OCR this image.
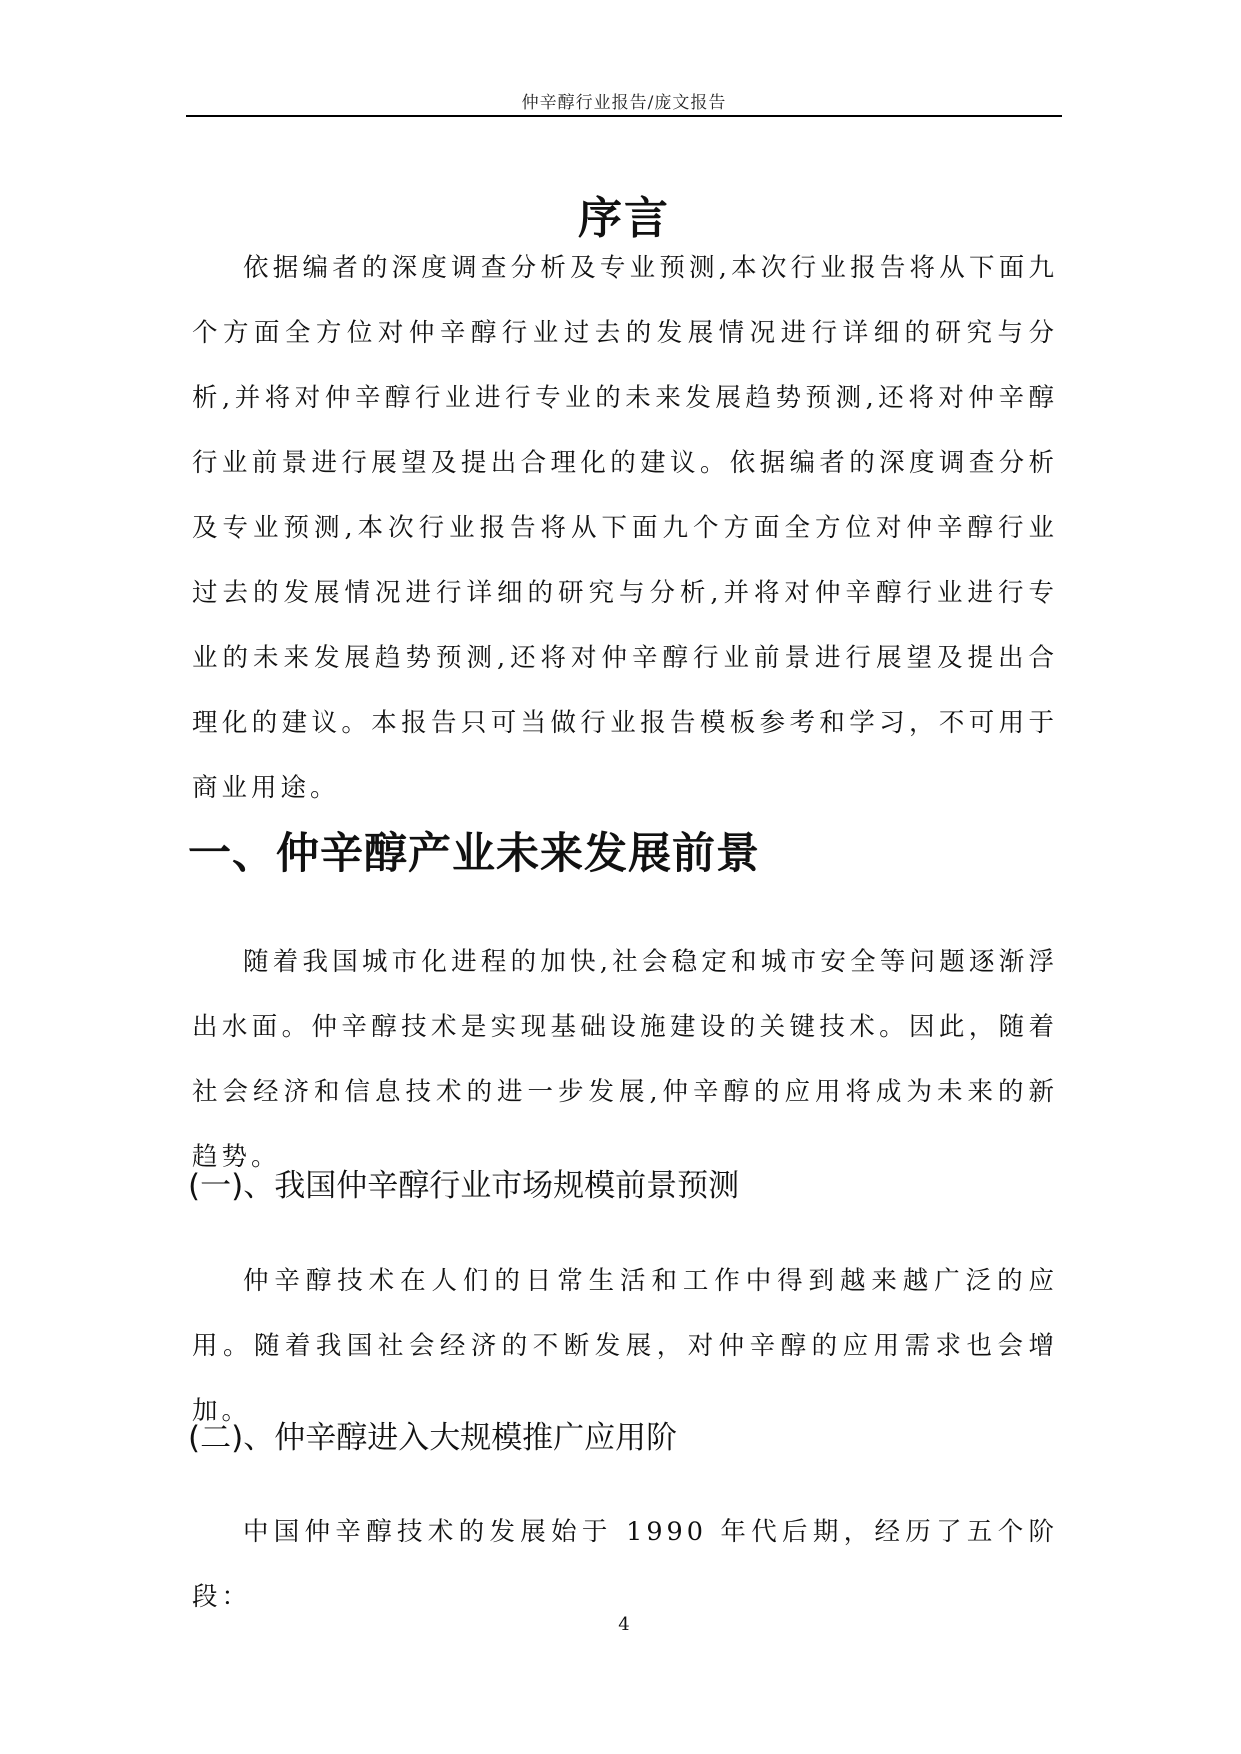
仲辛醇行业报告/庞文报告
序言

依据编者的深度调查分析及专业预测,本次行业报告将从下面九个方面全方位对仲辛醇行业过去的发展情况进行详细的研究与分析,并将对仲辛醇行业进行专业的未来发展趋势预测,还将对仲辛醇行业前景进行展望及提出合理化的建议。依据编者的深度调查分析及专业预测,本次行业报告将从下面九个方面全方位对仲辛醇行业过去的发展情况进行详细的研究与分析,并将对仲辛醇行业进行专业的未来发展趋势预测,还将对仲辛醇行业前景进行展望及提出合理化的建议。本报告只可当做行业报告模板参考和学习，不可用于商业用途。

一、仲辛醇产业未来发展前景

随着我国城市化进程的加快,社会稳定和城市安全等问题逐渐浮出水面。仲辛醇技术是实现基础设施建设的关键技术。因此，随着社会经济和信息技术的进一步发展,仲辛醇的应用将成为未来的新趋势。

(一)、我国仲辛醇行业市场规模前景预测

仲辛醇技术在人们的日常生活和工作中得到越来越广泛的应用。随着我国社会经济的不断发展，对仲辛醇的应用需求也会增加。

(二)、仲辛醇进入大规模推广应用阶

中国仲辛醇技术的发展始于 1990 年代后期，经历了五个阶段：

4
